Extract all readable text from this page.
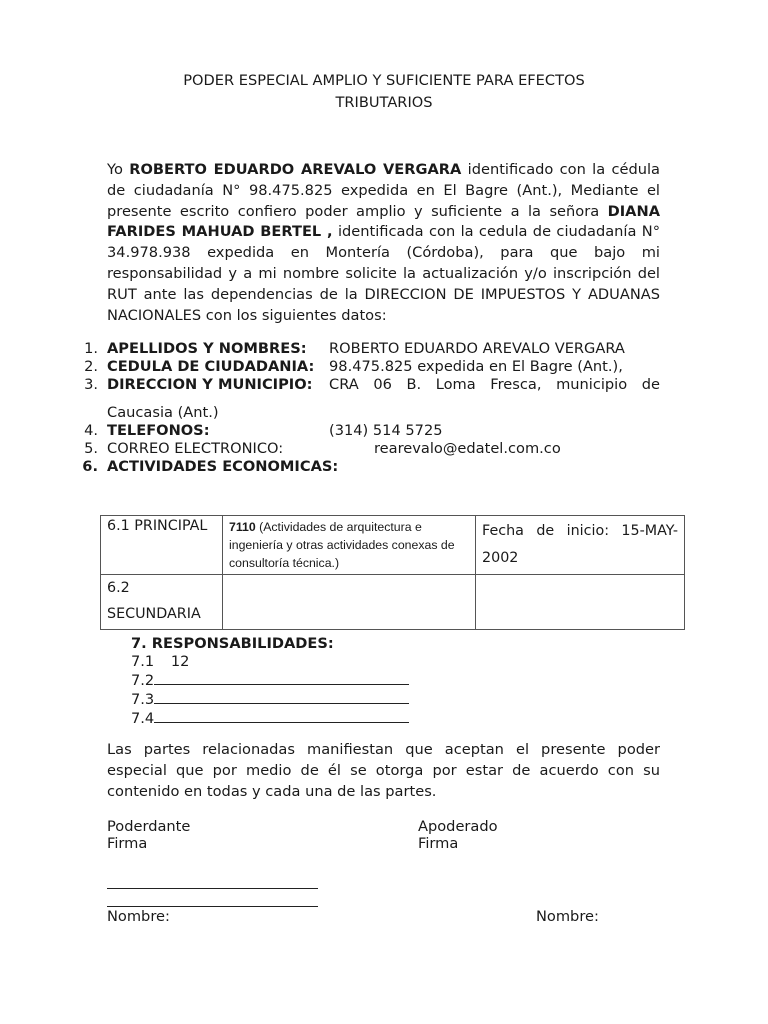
PODER ESPECIAL AMPLIO Y SUFICIENTE PARA EFECTOS
TRIBUTARIOS
Yo ROBERTO EDUARDO AREVALO VERGARA identificado con la cédula de ciudadanía N° 98.475.825 expedida en El Bagre (Ant.), Mediante el presente escrito confiero poder amplio y suficiente a la señora DIANA FARIDES MAHUAD BERTEL , identificada con la cedula de ciudadanía N° 34.978.938 expedida en Montería (Córdoba), para que bajo mi responsabilidad y a mi nombre solicite la actualización y/o inscripción del RUT ante las dependencias de la DIRECCION DE IMPUESTOS Y ADUANAS NACIONALES con los siguientes datos:
1. APELLIDOS Y NOMBRES: ROBERTO EDUARDO AREVALO VERGARA
2. CEDULA DE CIUDADANIA: 98.475.825 expedida en El Bagre (Ant.),
3. DIRECCION Y MUNICIPIO: CRA 06 B. Loma Fresca, municipio de
Caucasia (Ant.)
4. TELEFONOS:	(314) 514 5725
5. CORREO ELECTRONICO:	rearevalo@edatel.com.co
6. ACTIVIDADES ECONOMICAS:
6.1 PRINCIPAL	7110 (Actividades de arquitectura e ingeniería y otras actividades conexas de consultoría técnica.)	Fecha de inicio: 15-MAY-2002
6.2 SECUNDARIA		
7. RESPONSABILIDADES:
7.1 12
7.2
7.3
7.4
Las partes relacionadas manifiestan que aceptan el presente poder especial que por medio de él se otorga por estar de acuerdo con su contenido en todas y cada una de las partes.
Poderdante
Firma
Apoderado
Firma
Nombre:	Nombre:
